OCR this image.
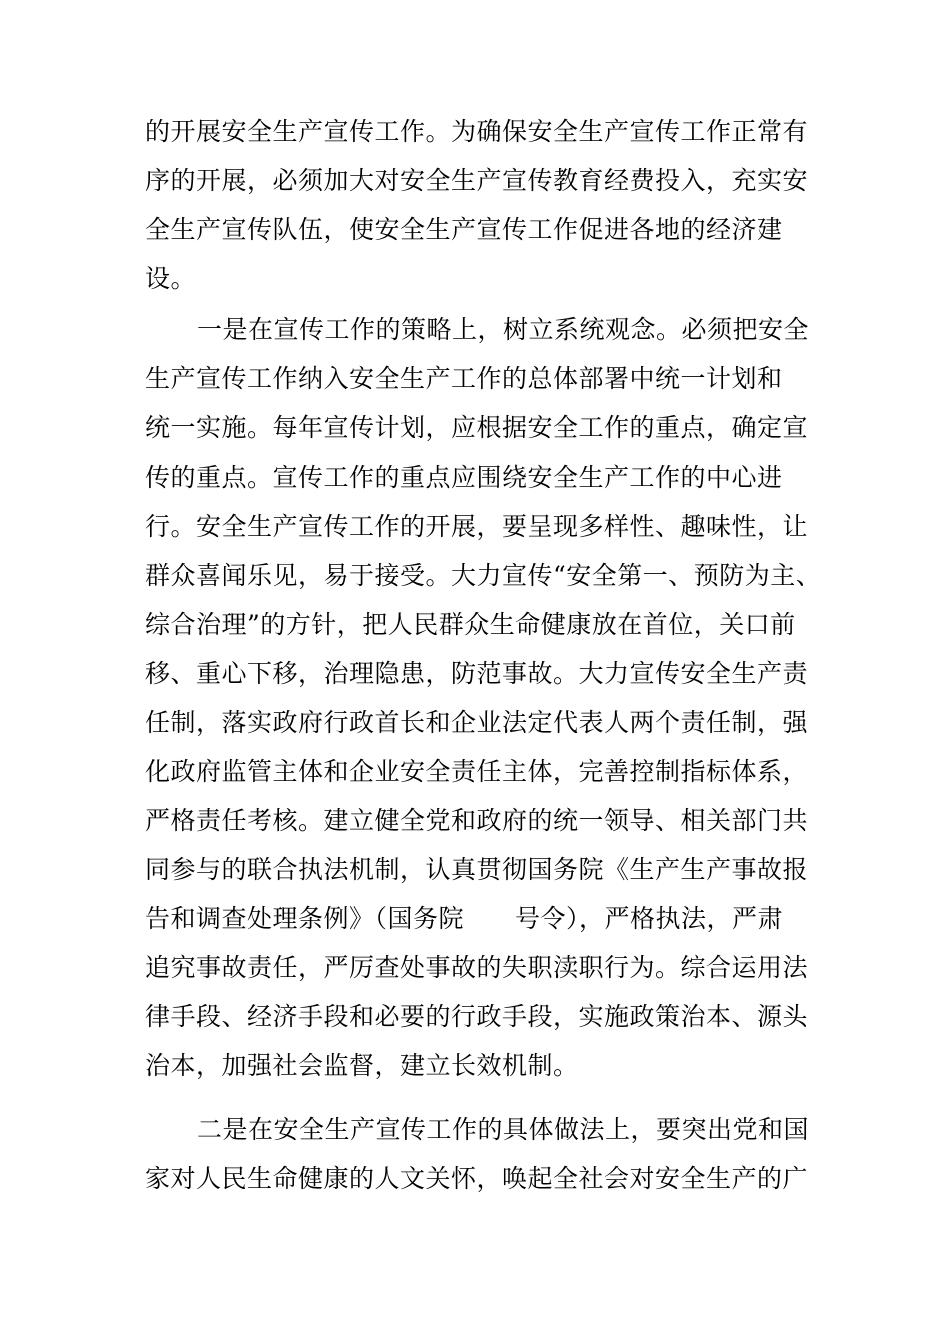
的开展安全生产宣传工作。为确保安全生产宣传工作正常有
序的开展，必须加大对安全生产宣传教育经费投入，充实安
全生产宣传队伍，使安全生产宣传工作促进各地的经济建
设。
一是在宣传工作的策略上，树立系统观念。必须把安全
生产宣传工作纳入安全生产工作的总体部署中统一计划和
统一实施。每年宣传计划，应根据安全工作的重点，确定宣
传的重点。宣传工作的重点应围绕安全生产工作的中心进
行。安全生产宣传工作的开展，要呈现多样性、趣味性，让
群众喜闻乐见，易于接受。大力宣传“安全第一、预防为主、
综合治理”的方针，把人民群众生命健康放在首位，关口前
移、重心下移，治理隐患，防范事故。大力宣传安全生产责
任制，落实政府行政首长和企业法定代表人两个责任制，强
化政府监管主体和企业安全责任主体，完善控制指标体系，
严格责任考核。建立健全党和政府的统一领导、相关部门共
同参与的联合执法机制，认真贯彻国务院《生产生产事故报
告和调查处理条例》（国务院　　号令），严格执法，严肃
追究事故责任，严厉查处事故的失职渎职行为。综合运用法
律手段、经济手段和必要的行政手段，实施政策治本、源头
治本，加强社会监督，建立长效机制。
二是在安全生产宣传工作的具体做法上，要突出党和国
家对人民生命健康的人文关怀，唤起全社会对安全生产的广
